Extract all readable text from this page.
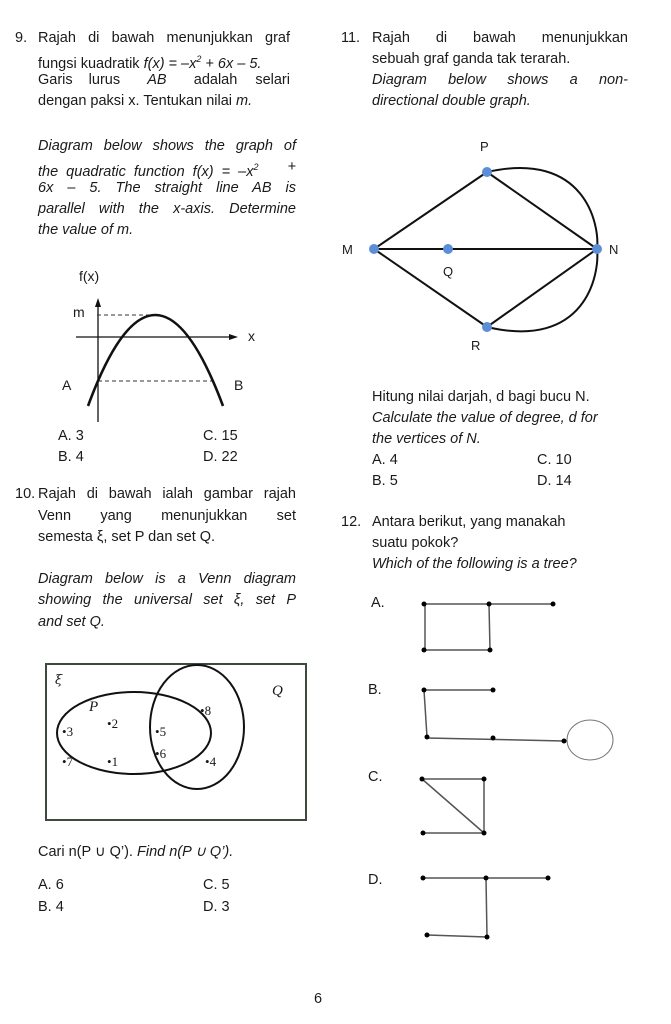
9. Rajah di bawah menunjukkan graf
fungsi kuadratik $f(x) = -x^2 + 6x - 5$.
Garis lurus AB adalah selari
dengan paksi x. Tentukan nilai m.
Diagram below shows the graph of
the quadratic function $f(x) = -x^2$ +
6x – 5. The straight line AB is
parallel with the x-axis. Determine
the value of m.
f(x)
m
x
A	B
A. 3
B. 4
C. 15
D. 22
10. Rajah di bawah ialah gambar rajah
Venn yang menunjukkan set
semesta ξ, set P dan set Q.
Diagram below is a Venn diagram
showing the universal set ξ, set P
and set Q.
ξ
P
Q
•3
•2
•7	•1
•5
•6
•8
•4
Cari n(P ∪ Q’). Find n(P ∪ Q’).
A. 6
B. 4
C. 5
D. 3
11. Rajah di bawah menunjukkan
sebuah graf ganda tak terarah.
Diagram below shows a non-
directional double graph.
P
M
Q
N
R
Hitung nilai darjah, d bagi bucu N.
Calculate the value of degree, d for
the vertices of N.
A. 4
B. 5
C. 10
D. 14
12. Antara berikut, yang manakah
suatu pokok?
Which of the following is a tree?
A.
B.
C.
D.
6
